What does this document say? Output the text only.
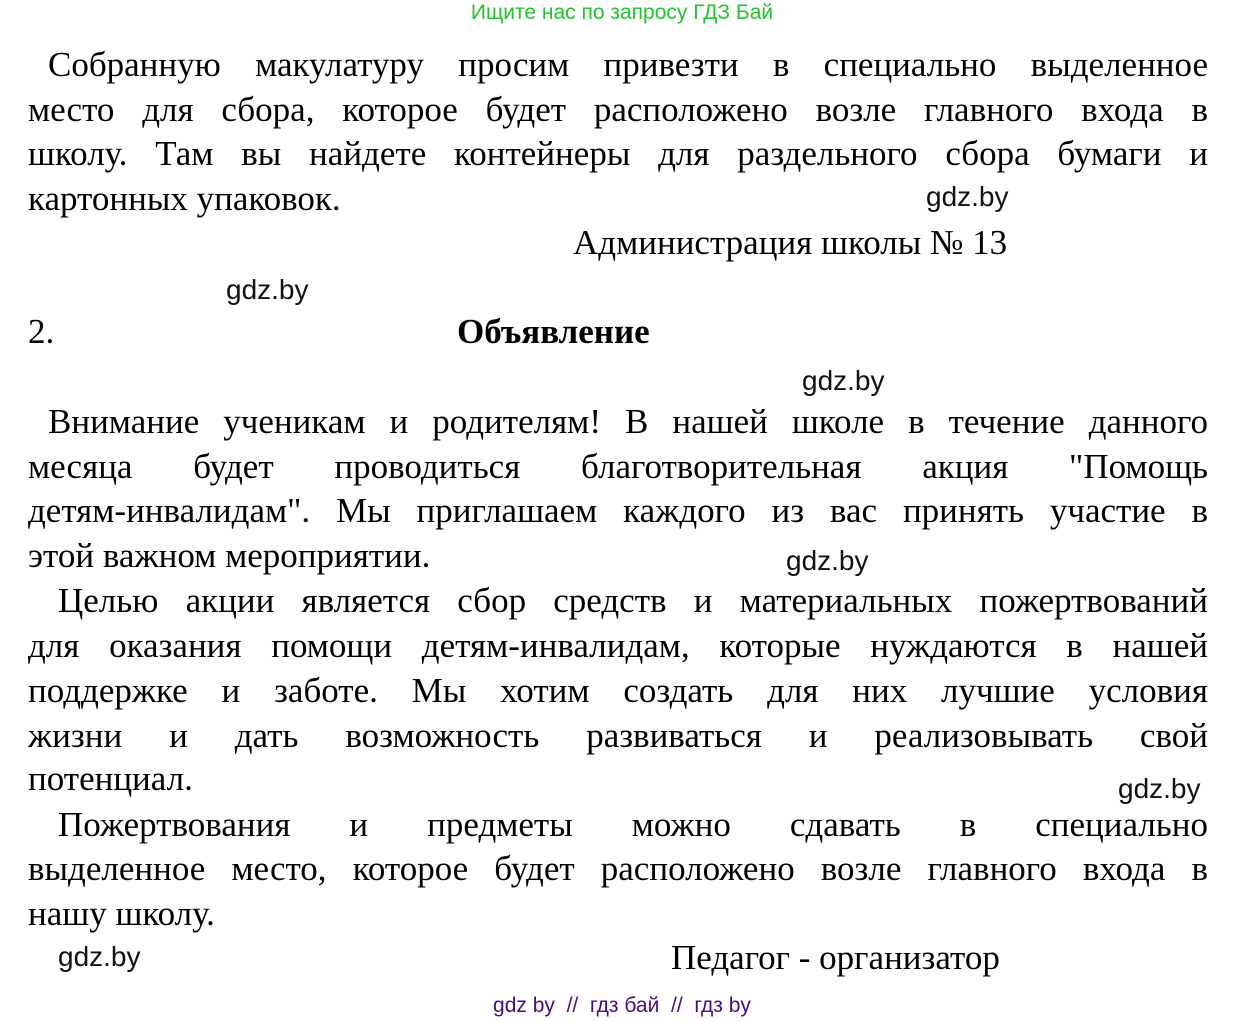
Ищите нас по запросу ГДЗ Бай
Собранную макулатуру просим привезти в специально выделенное
место для сбора, которое будет расположено возле главного входа в
школу. Там вы найдете контейнеры для раздельного сбора бумаги и
картонных упаковок.
Администрация школы № 13
2.	Объявление
Внимание ученикам и родителям! В нашей школе в течение данного
месяца будет проводиться благотворительная акция "Помощь
детям-инвалидам". Мы приглашаем каждого из вас принять участие в
этой важном мероприятии.
Целью акции является сбор средств и материальных пожертвований
для оказания помощи детям-инвалидам, которые нуждаются в нашей
поддержке и заботе. Мы хотим создать для них лучшие условия
жизни и дать возможность развиваться и реализовывать свой
потенциал.
Пожертвования и предметы можно сдавать в специально
выделенное место, которое будет расположено возле главного входа в
нашу школу.
Педагог - организатор
gdz.by
gdz.by
gdz.by
gdz.by
gdz.by
gdz.by
gdz by  //  гдз бай  //  гдз by
